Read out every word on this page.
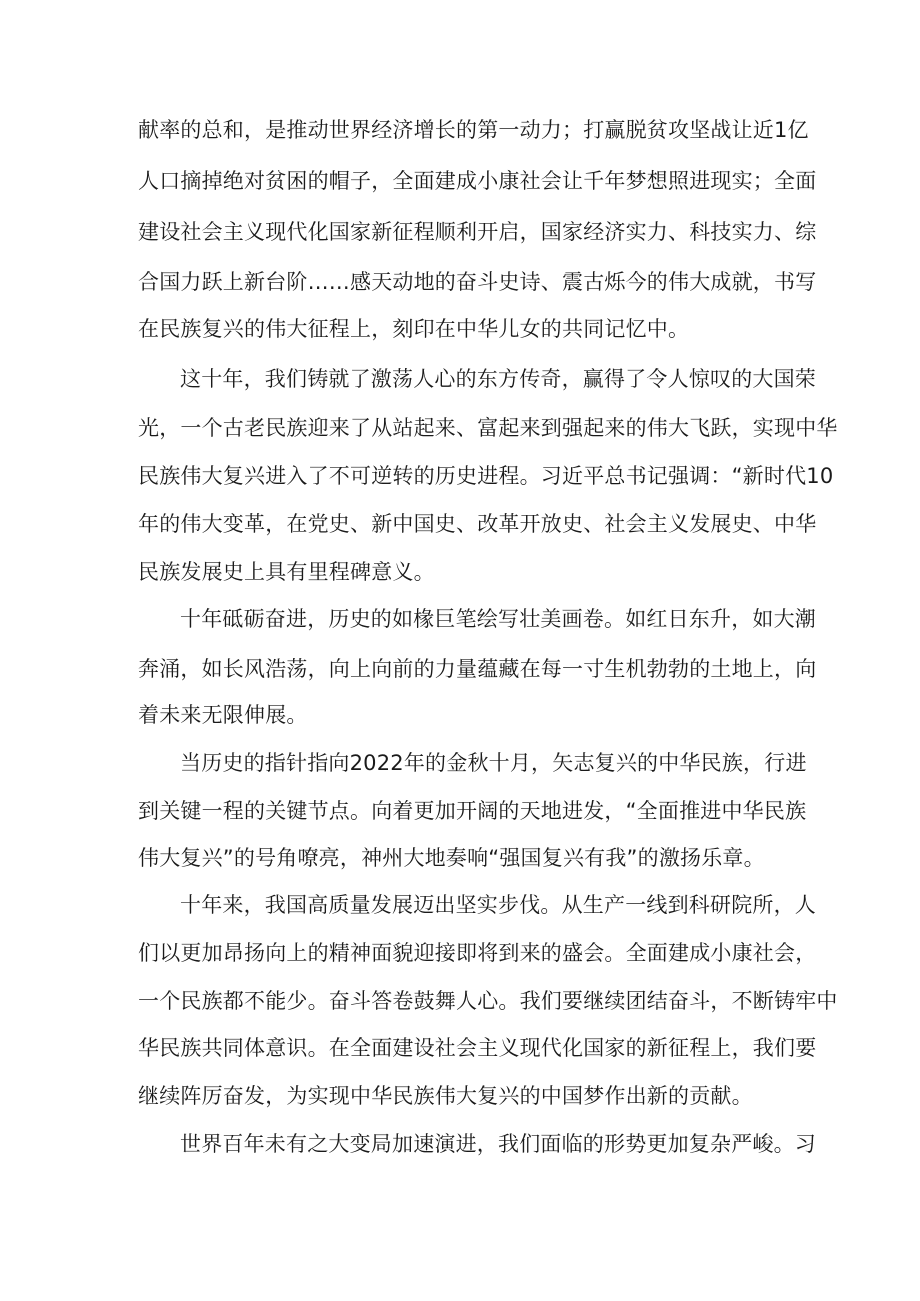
献率的总和，是推动世界经济增长的第一动力；打赢脱贫攻坚战让近1亿
人口摘掉绝对贫困的帽子，全面建成小康社会让千年梦想照进现实；全面
建设社会主义现代化国家新征程顺利开启，国家经济实力、科技实力、综
合国力跃上新台阶……感天动地的奋斗史诗、震古烁今的伟大成就，书写
在民族复兴的伟大征程上，刻印在中华儿女的共同记忆中。
这十年，我们铸就了激荡人心的东方传奇，赢得了令人惊叹的大国荣
光，一个古老民族迎来了从站起来、富起来到强起来的伟大飞跃，实现中华
民族伟大复兴进入了不可逆转的历史进程。习近平总书记强调：“新时代10
年的伟大变革，在党史、新中国史、改革开放史、社会主义发展史、中华
民族发展史上具有里程碑意义。
十年砥砺奋进，历史的如椽巨笔绘写壮美画卷。如红日东升，如大潮
奔涌，如长风浩荡，向上向前的力量蕴藏在每一寸生机勃勃的土地上，向
着未来无限伸展。
当历史的指针指向2022年的金秋十月，矢志复兴的中华民族，行进
到关键一程的关键节点。向着更加开阔的天地进发，“全面推进中华民族
伟大复兴”的号角嘹亮，神州大地奏响“强国复兴有我”的激扬乐章。
十年来，我国高质量发展迈出坚实步伐。从生产一线到科研院所，人
们以更加昂扬向上的精神面貌迎接即将到来的盛会。全面建成小康社会，
一个民族都不能少。奋斗答卷鼓舞人心。我们要继续团结奋斗，不断铸牢中
华民族共同体意识。在全面建设社会主义现代化国家的新征程上，我们要
继续阵厉奋发，为实现中华民族伟大复兴的中国梦作出新的贡献。
世界百年未有之大变局加速演进，我们面临的形势更加复杂严峻。习
